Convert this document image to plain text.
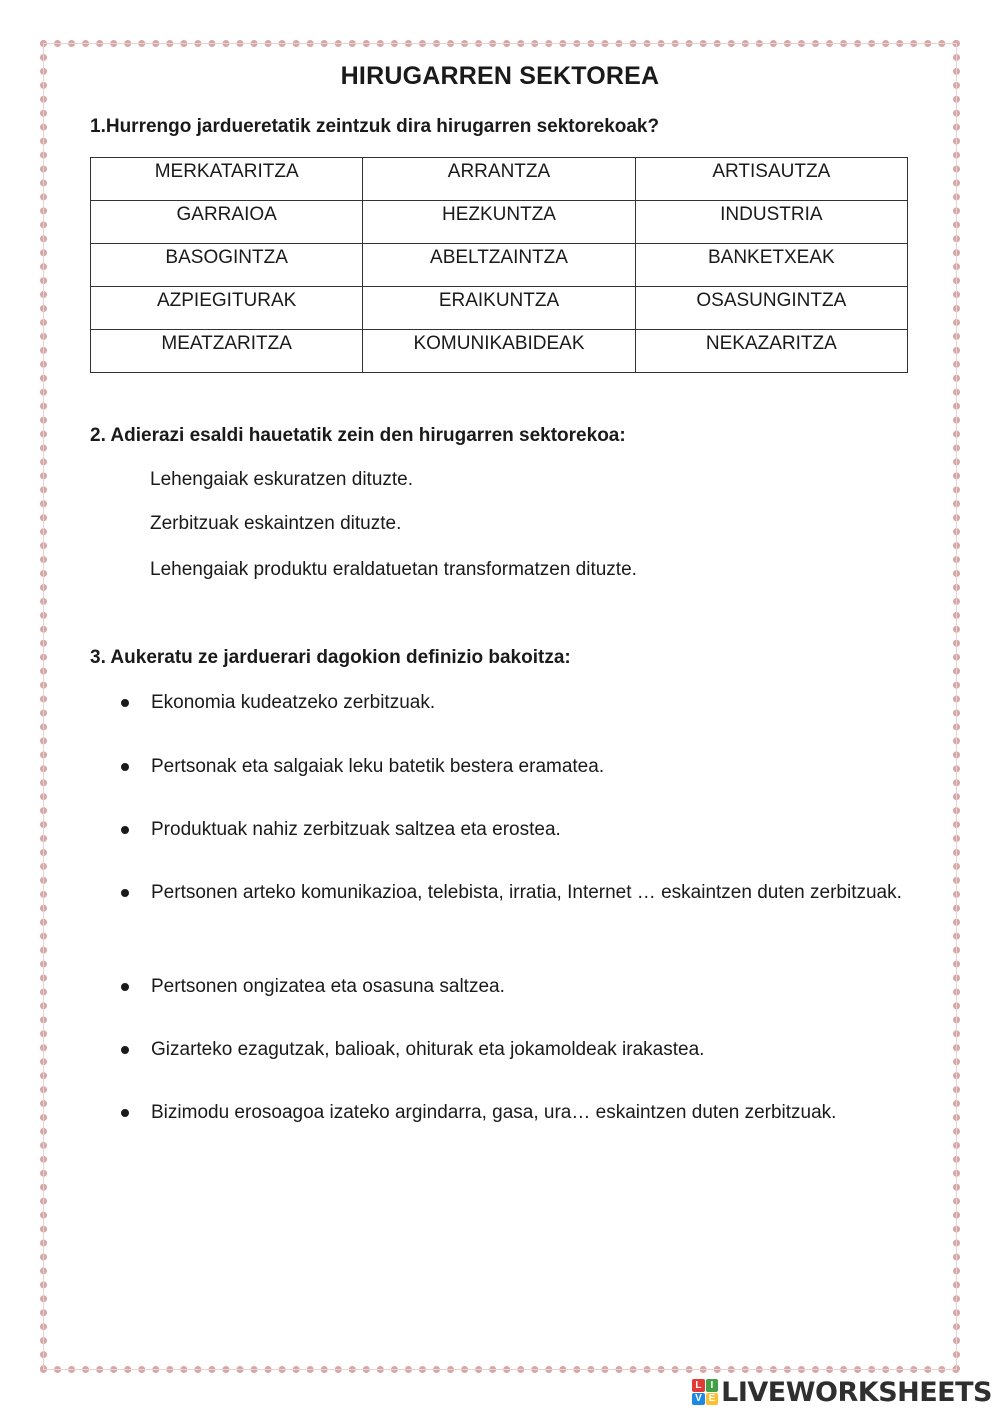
HIRUGARREN SEKTOREA
1.Hurrengo jardueretatik zeintzuk dira hirugarren sektorekoak?
MERKATARITZA	ARRANTZA	ARTISAUTZA
GARRAIOA	HEZKUNTZA	INDUSTRIA
BASOGINTZA	ABELTZAINTZA	BANKETXEAK
AZPIEGITURAK	ERAIKUNTZA	OSASUNGINTZA
MEATZARITZA	KOMUNIKABIDEAK	NEKAZARITZA
2. Adierazi esaldi hauetatik zein den hirugarren sektorekoa:
Lehengaiak eskuratzen dituzte.
Zerbitzuak eskaintzen dituzte.
Lehengaiak produktu eraldatuetan transformatzen dituzte.
3. Aukeratu ze jarduerari dagokion definizio bakoitza:
Ekonomia kudeatzeko zerbitzuak.
Pertsonak eta salgaiak leku batetik bestera eramatea.
Produktuak nahiz zerbitzuak saltzea eta erostea.
Pertsonen arteko komunikazioa, telebista, irratia, Internet … eskaintzen duten zerbitzuak.
Pertsonen ongizatea eta osasuna saltzea.
Gizarteko ezagutzak, balioak, ohiturak eta jokamoldeak irakastea.
Bizimodu erosoagoa izateko argindarra, gasa, ura… eskaintzen duten zerbitzuak.
L I
V E LIVEWORKSHEETS
